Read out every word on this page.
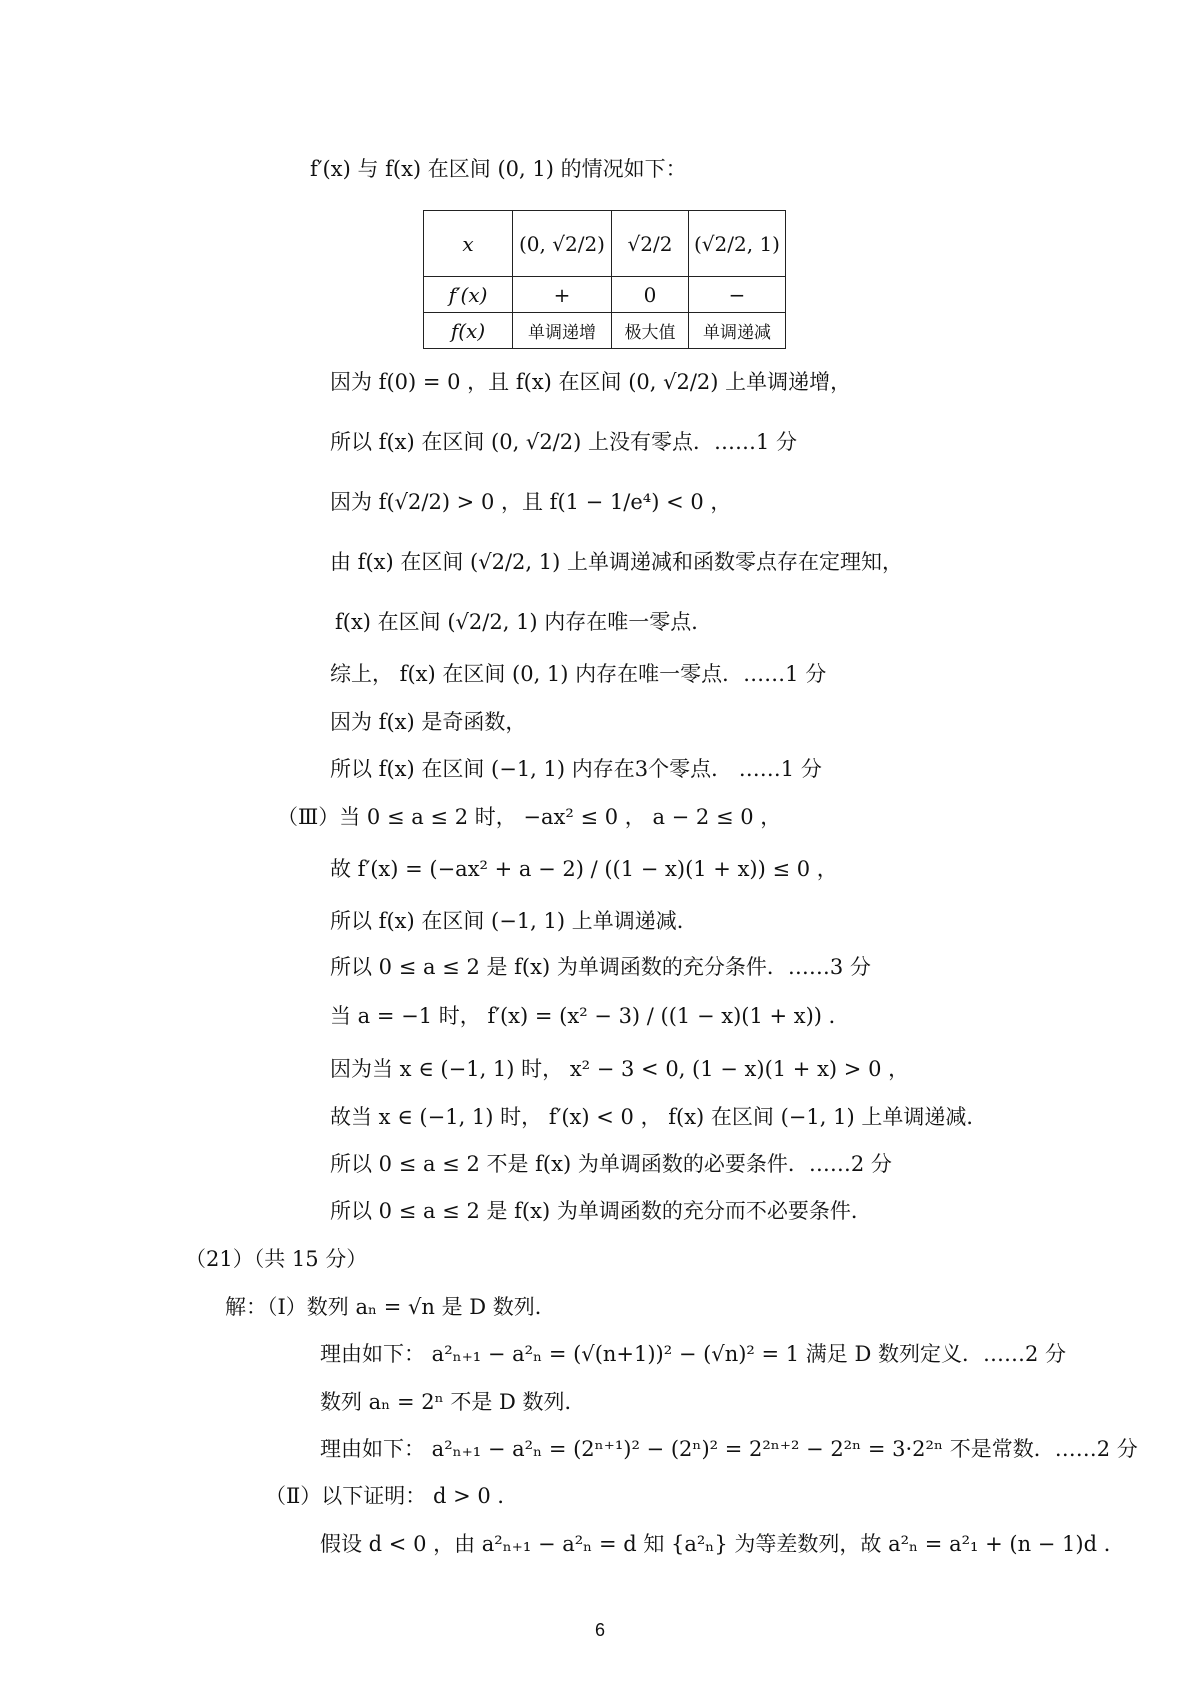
f′(x) 与 f(x) 在区间 (0, 1) 的情况如下：
因为 f(0) = 0 ，且 f(x) 在区间 (0, √2/2) 上单调递增，
所以 f(x) 在区间 (0, √2/2) 上没有零点．……1 分
因为 f(√2/2) > 0 ，且 f(1 − 1/e⁴) < 0 ，
由 f(x) 在区间 (√2/2, 1) 上单调递减和函数零点存在定理知，
f(x) 在区间 (√2/2, 1) 内存在唯一零点．
综上， f(x) 在区间 (0, 1) 内存在唯一零点．……1 分
因为 f(x) 是奇函数，
所以 f(x) 在区间 (−1, 1) 内存在3个零点． ……1 分
（Ⅲ）当 0 ≤ a ≤ 2 时， −ax² ≤ 0 ， a − 2 ≤ 0 ，
故 f′(x) = (−ax² + a − 2) / ((1 − x)(1 + x)) ≤ 0 ，
所以 f(x) 在区间 (−1, 1) 上单调递减．
所以 0 ≤ a ≤ 2 是 f(x) 为单调函数的充分条件．……3 分
当 a = −1 时， f′(x) = (x² − 3) / ((1 − x)(1 + x)) ．
因为当 x ∈ (−1, 1) 时， x² − 3 < 0, (1 − x)(1 + x) > 0 ，
故当 x ∈ (−1, 1) 时， f′(x) < 0 ， f(x) 在区间 (−1, 1) 上单调递减．
所以 0 ≤ a ≤ 2 不是 f(x) 为单调函数的必要条件．……2 分
所以 0 ≤ a ≤ 2 是 f(x) 为单调函数的充分而不必要条件．
（21）（共 15 分）
解：（Ⅰ）数列 aₙ = √n 是 D 数列．
理由如下： a²ₙ₊₁ − a²ₙ = (√(n+1))² − (√n)² = 1 满足 D 数列定义．……2 分
数列 aₙ = 2ⁿ 不是 D 数列．
理由如下： a²ₙ₊₁ − a²ₙ = (2ⁿ⁺¹)² − (2ⁿ)² = 2²ⁿ⁺² − 2²ⁿ = 3·2²ⁿ 不是常数．……2 分
（Ⅱ）以下证明： d > 0 ．
假设 d < 0 ，由 a²ₙ₊₁ − a²ₙ = d 知 {a²ₙ} 为等差数列，故 a²ₙ = a²₁ + (n − 1)d ．
x	(0, √2/2)	√2/2	(√2/2, 1)
f′(x)	+	0	−
f(x)	单调递增	极大值	单调递减
6
